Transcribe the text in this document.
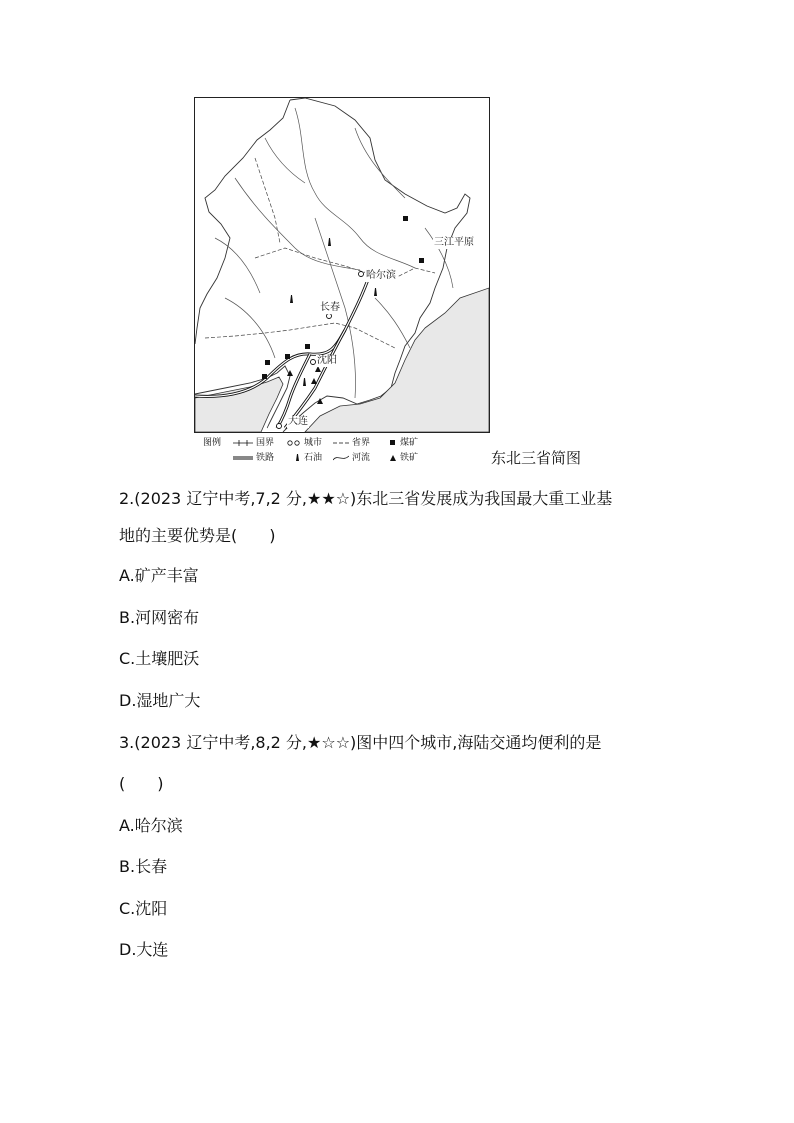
三江平原
哈尔滨
长春
沈阳
大连
图例	国界	城市	省界	煤矿
铁路	石油	河流	铁矿	东北三省简图
2.(2023 辽宁中考,7,2 分,★★☆)东北三省发展成为我国最大重工业基
地的主要优势是(　　)
A.矿产丰富
B.河网密布
C.土壤肥沃
D.湿地广大
3.(2023 辽宁中考,8,2 分,★☆☆)图中四个城市,海陆交通均便利的是
(　　)
A.哈尔滨
B.长春
C.沈阳
D.大连
